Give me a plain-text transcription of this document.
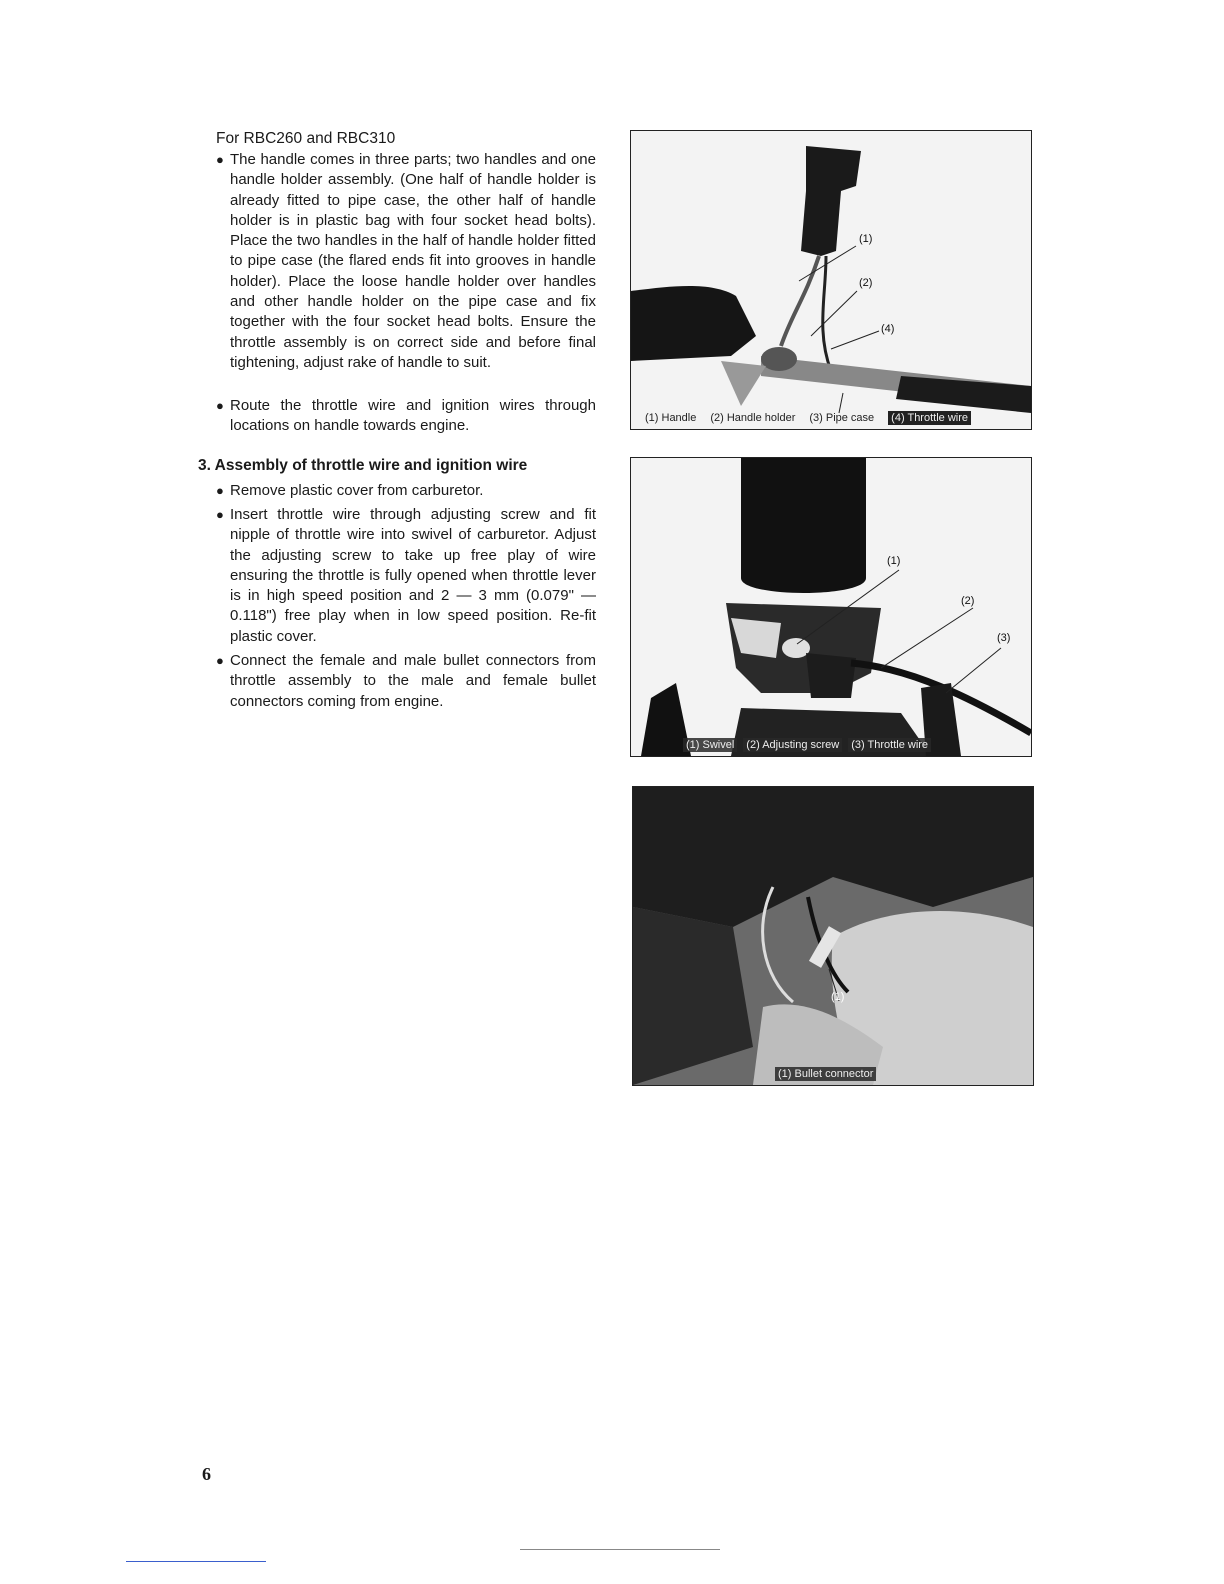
For RBC260 and RBC310
● The handle comes in three parts; two handles and one handle holder assembly. (One half of handle holder is already fitted to pipe case, the other half of handle holder is in plastic bag with four socket head bolts). Place the two handles in the half of handle holder fitted to pipe case (the flared ends fit into grooves in handle holder). Place the loose handle holder over handles and other handle holder on the pipe case and fix together with the four socket head bolts. Ensure the throttle assembly is on correct side and before final tightening, adjust rake of handle to suit.
● Route the throttle wire and ignition wires through locations on handle towards engine.
3. Assembly of throttle wire and ignition wire
● Remove plastic cover from carburetor.
● Insert throttle wire through adjusting screw and fit nipple of throttle wire into swivel of carburetor. Adjust the adjusting screw to take up free play of wire ensuring the throttle is fully opened when throttle lever is in high speed position and 2 — 3 mm (0.079" — 0.118") free play when in low speed position. Re-fit plastic cover.
● Connect the female and male bullet connectors from throttle assembly to the male and female bullet connectors coming from engine.
(1)
(2)
(4)
(1) Handle (2) Handle holder (3) Pipe case (4) Throttle wire
(1)
(2)
(3)
(1) Swivel (2) Adjusting screw (3) Throttle wire
(1)
(1) Bullet connector
6
